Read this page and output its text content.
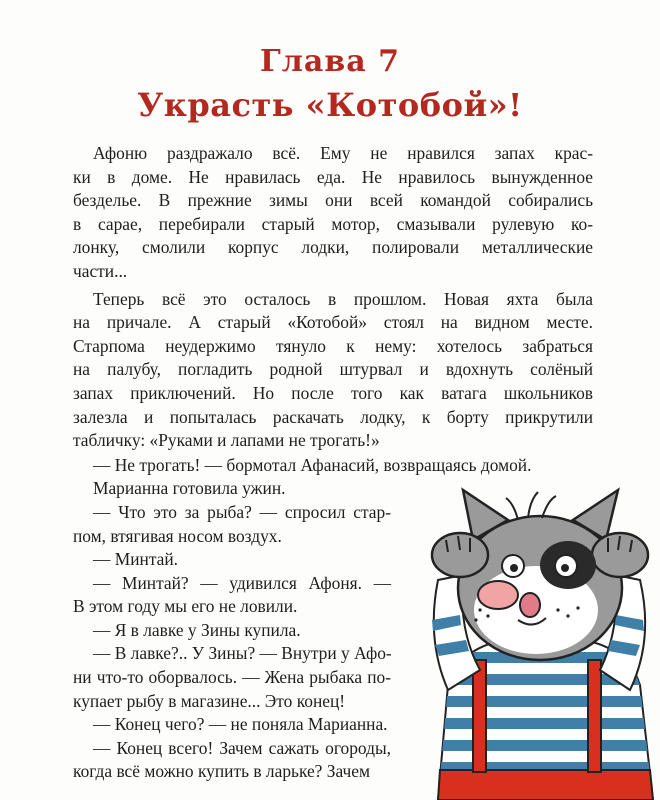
Глава 7
Украсть «Котобой»!
Афоню раздражало всё. Ему не нравился запах крас-
ки в доме. Не нравилась еда. Не нравилось вынужденное
безделье. В прежние зимы они всей командой собирались
в сарае, перебирали старый мотор, смазывали рулевую ко-
лонку, смолили корпус лодки, полировали металлические
части...
Теперь всё это осталось в прошлом. Новая яхта была
на причале. А старый «Котобой» стоял на видном месте.
Старпома неудержимо тянуло к нему: хотелось забраться
на палубу, погладить родной штурвал и вдохнуть солёный
запах приключений. Но после того как ватага школьников
залезла и попыталась раскачать лодку, к борту прикрутили
табличку: «Руками и лапами не трогать!»
— Не трогать! — бормотал Афанасий, возвращаясь домой.
Марианна готовила ужин.
— Что это за рыба? — спросил стар-
пом, втягивая носом воздух.
— Минтай.
— Минтай? — удивился Афоня. —
В этом году мы его не ловили.
— Я в лавке у Зины купила.
— В лавке?.. У Зины? — Внутри у Афо-
ни что-то оборвалось. — Жена рыбака по-
купает рыбу в магазине... Это конец!
— Конец чего? — не поняла Марианна.
— Конец всего! Зачем сажать огороды,
когда всё можно купить в ларьке? Зачем
